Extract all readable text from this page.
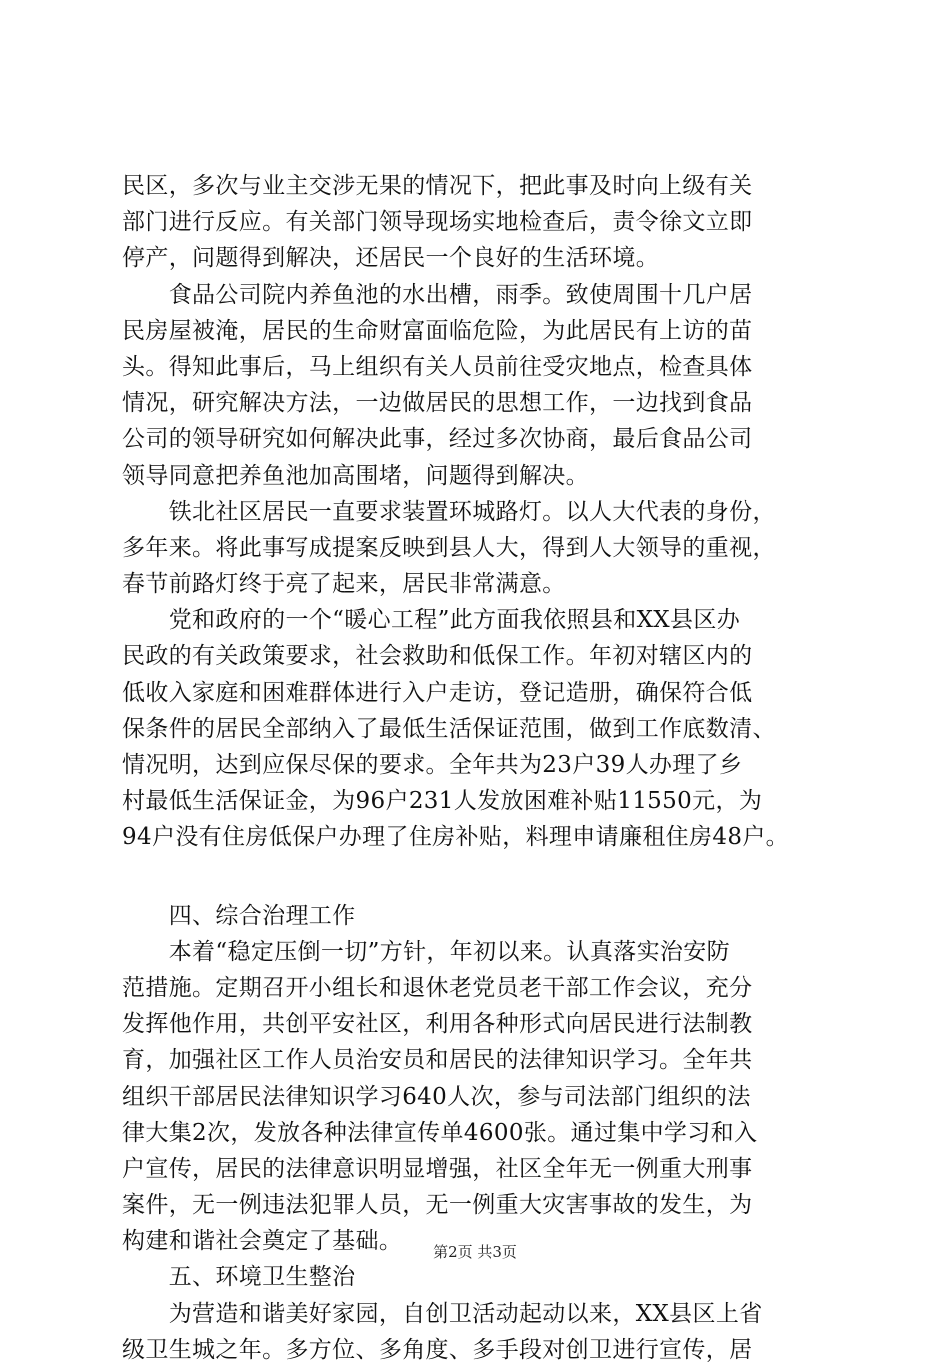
民区，多次与业主交涉无果的情况下，把此事及时向上级有关
部门进行反应。有关部门领导现场实地检查后，责令徐文立即
停产，问题得到解决，还居民一个良好的生活环境。
　　食品公司院内养鱼池的水出槽，雨季。致使周围十几户居
民房屋被淹，居民的生命财富面临危险，为此居民有上访的苗
头。得知此事后，马上组织有关人员前往受灾地点，检查具体
情况，研究解决方法，一边做居民的思想工作，一边找到食品
公司的领导研究如何解决此事，经过多次协商，最后食品公司
领导同意把养鱼池加高围堵，问题得到解决。
　　铁北社区居民一直要求装置环城路灯。以人大代表的身份，
多年来。将此事写成提案反映到县人大，得到人大领导的重视，
春节前路灯终于亮了起来，居民非常满意。
　　党和政府的一个“暖心工程”此方面我依照县和XX县区办
民政的有关政策要求，社会救助和低保工作。年初对辖区内的
低收入家庭和困难群体进行入户走访，登记造册，确保符合低
保条件的居民全部纳入了最低生活保证范围，做到工作底数清、
情况明，达到应保尽保的要求。全年共为23户39人办理了乡
村最低生活保证金，为96户231人发放困难补贴11550元，为
94户没有住房低保户办理了住房补贴，料理申请廉租住房48户。
　　四、综合治理工作
　　本着“稳定压倒一切”方针，年初以来。认真落实治安防
范措施。定期召开小组长和退休老党员老干部工作会议，充分
发挥他作用，共创平安社区，利用各种形式向居民进行法制教
育，加强社区工作人员治安员和居民的法律知识学习。全年共
组织干部居民法律知识学习640人次，参与司法部门组织的法
律大集2次，发放各种法律宣传单4600张。通过集中学习和入
户宣传，居民的法律意识明显增强，社区全年无一例重大刑事
案件，无一例违法犯罪人员，无一例重大灾害事故的发生，为
构建和谐社会奠定了基础。
　　五、环境卫生整治
　　为营造和谐美好家园，自创卫活动起动以来，XX县区上省
级卫生城之年。多方位、多角度、多手段对创卫进行宣传，居
第2页 共3页
